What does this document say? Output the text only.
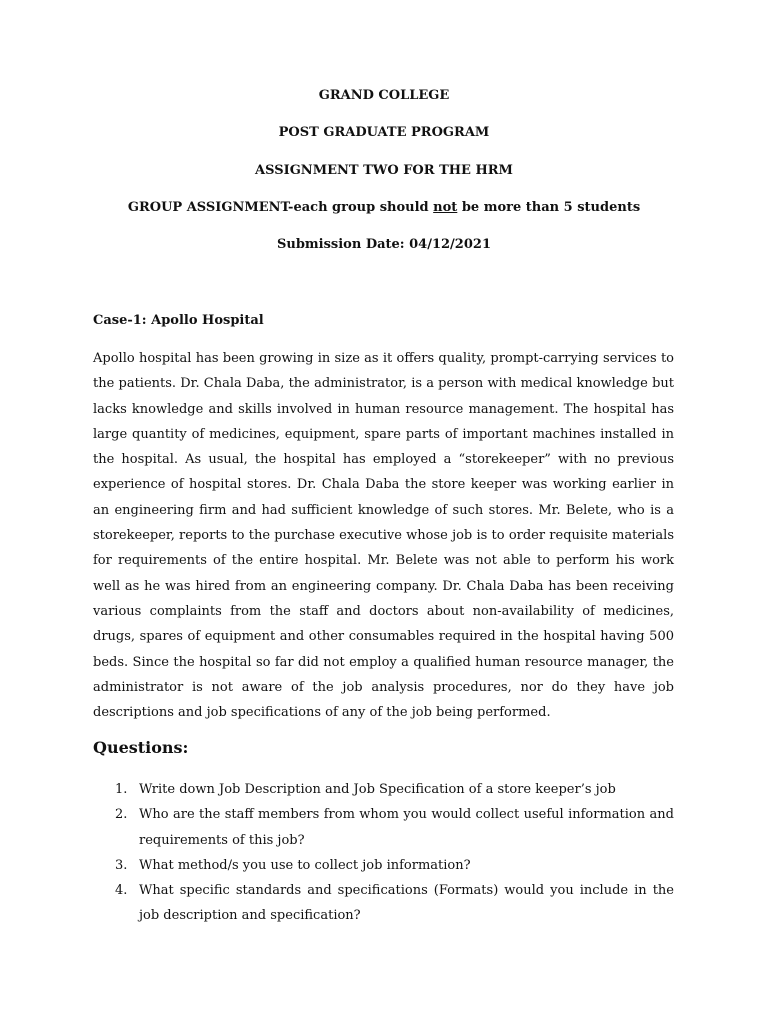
GRAND COLLEGE
POST GRADUATE PROGRAM
ASSIGNMENT TWO FOR THE HRM
GROUP ASSIGNMENT-each group should not be more than 5 students
Submission Date: 04/12/2021
Case-1: Apollo Hospital

Apollo hospital has been growing in size as it offers quality, prompt-carrying services to the patients. Dr. Chala Daba, the administrator, is a person with medical knowledge but lacks knowledge and skills involved in human resource management. The hospital has large quantity of medicines, equipment, spare parts of important machines installed in the hospital. As usual, the hospital has employed a “storekeeper” with no previous experience of hospital stores. Dr. Chala Daba the store keeper was working earlier in an engineering firm and had sufficient knowledge of such stores. Mr. Belete, who is a storekeeper, reports to the purchase executive whose job is to order requisite materials for requirements of the entire hospital. Mr. Belete was not able to perform his work well as he was hired from an engineering company. Dr. Chala Daba has been receiving various complaints from the staff and doctors about non-availability of medicines, drugs, spares of equipment and other consumables required in the hospital having 500 beds. Since the hospital so far did not employ a qualified human resource manager, the administrator is not aware of the job analysis procedures, nor do they have job descriptions and job specifications of any of the job being performed.

Questions:
1. Write down Job Description and Job Specification of a store keeper’s job
2. Who are the staff members from whom you would collect useful information and requirements of this job?
3. What method/s you use to collect job information?
4. What specific standards and specifications (Formats) would you include in the job description and specification?
